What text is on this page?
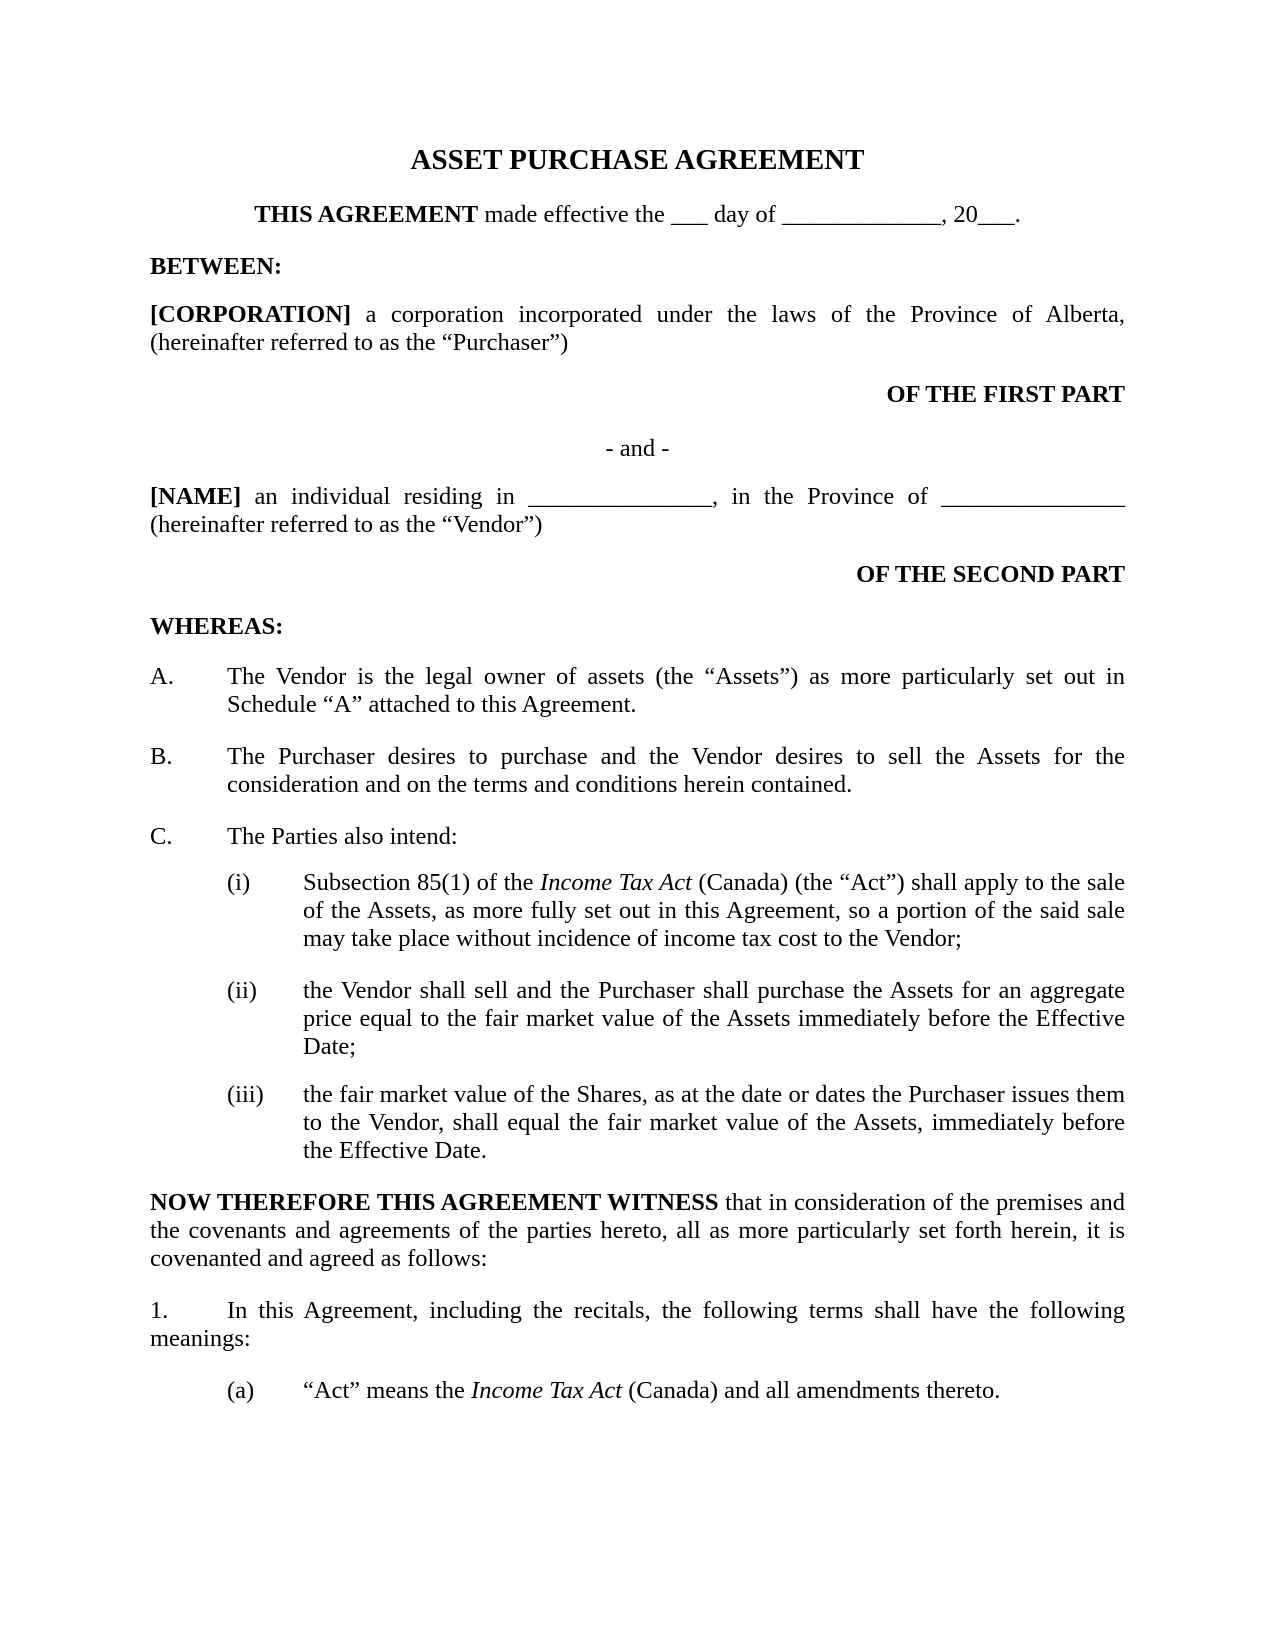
ASSET PURCHASE AGREEMENT

THIS AGREEMENT made effective the ___ day of _____________, 20___.

BETWEEN:

[CORPORATION] a corporation incorporated under the laws of the Province of Alberta, (hereinafter referred to as the “Purchaser”)

OF THE FIRST PART

- and -

[NAME] an individual residing in _______________, in the Province of _______________ (hereinafter referred to as the “Vendor”)

OF THE SECOND PART

WHEREAS:

A.	The Vendor is the legal owner of assets (the “Assets”) as more particularly set out in Schedule “A” attached to this Agreement.
B.	The Purchaser desires to purchase and the Vendor desires to sell the Assets for the consideration and on the terms and conditions herein contained.
C.	The Parties also intend:
(i)	Subsection 85(1) of the Income Tax Act (Canada) (the “Act”) shall apply to the sale of the Assets, as more fully set out in this Agreement, so a portion of the said sale may take place without incidence of income tax cost to the Vendor;
(ii)	the Vendor shall sell and the Purchaser shall purchase the Assets for an aggregate price equal to the fair market value of the Assets immediately before the Effective Date;
(iii)	the fair market value of the Shares, as at the date or dates the Purchaser issues them to the Vendor, shall equal the fair market value of the Assets, immediately before the Effective Date.

NOW THEREFORE THIS AGREEMENT WITNESS that in consideration of the premises and the covenants and agreements of the parties hereto, all as more particularly set forth herein, it is covenanted and agreed as follows:

1. In this Agreement, including the recitals, the following terms shall have the following meanings:

(a)	“Act” means the Income Tax Act (Canada) and all amendments thereto.
